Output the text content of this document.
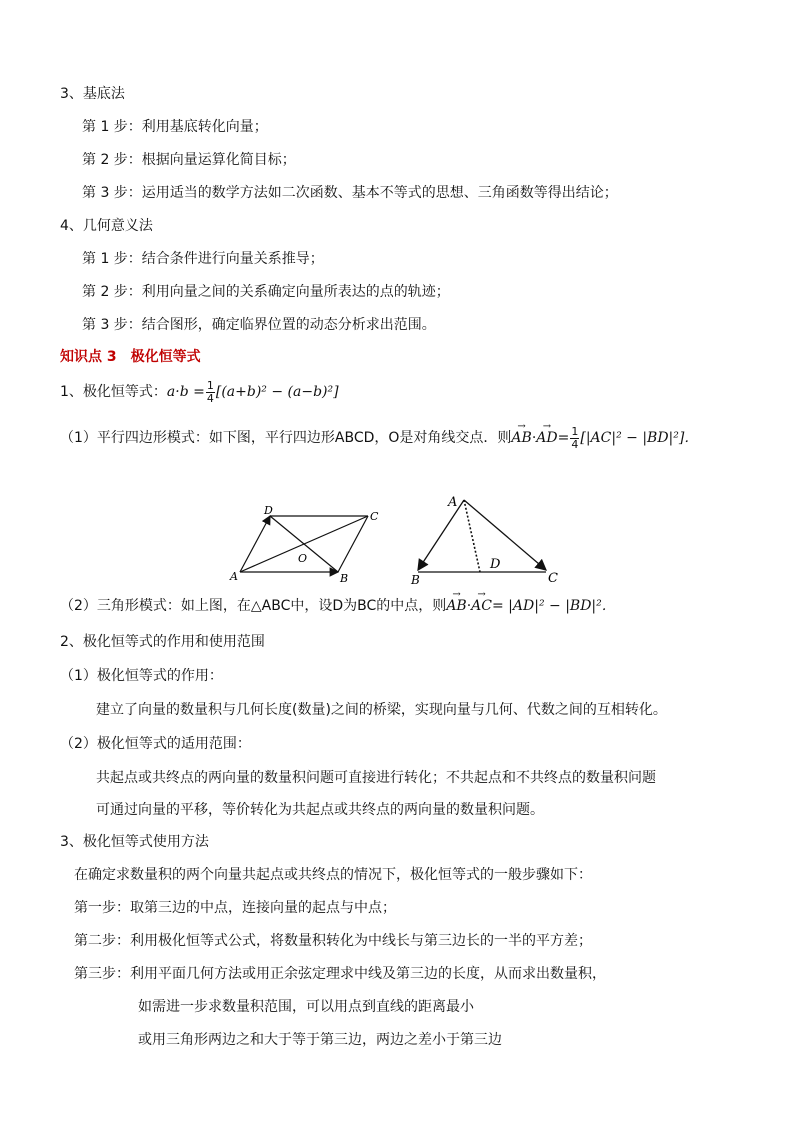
3、基底法
第 1 步：利用基底转化向量；
第 2 步：根据向量运算化简目标；
第 3 步：运用适当的数学方法如二次函数、基本不等式的思想、三角函数等得出结论；
4、几何意义法
第 1 步：结合条件进行向量关系推导；
第 2 步：利用向量之间的关系确定向量所表达的点的轨迹；
第 3 步：结合图形，确定临界位置的动态分析求出范围。
知识点 3　极化恒等式
1、极化恒等式：$a\cdot b = \frac{1}{4} [(a+b)^2 - (a-b)^2]$
（1）平行四边形模式：如下图，平行四边形ABCD，O是对角线交点．则→ $AB\cdot\to AD= \frac{1}{4} [|AC|^2 - |BD|^2]$．
D	C
O
A	B
A
B
D
C
（2）三角形模式：如上图，在△ABC中，设D为BC的中点，则→ AB·→ AC= |AD|² − |BD|²．
2、极化恒等式的作用和使用范围
（1）极化恒等式的作用：
建立了向量的数量积与几何长度(数量)之间的桥梁，实现向量与几何、代数之间的互相转化。
（2）极化恒等式的适用范围：
共起点或共终点的两向量的数量积问题可直接进行转化；不共起点和不共终点的数量积问题
可通过向量的平移，等价转化为共起点或共终点的两向量的数量积问题。
3、极化恒等式使用方法
在确定求数量积的两个向量共起点或共终点的情况下，极化恒等式的一般步骤如下：
第一步：取第三边的中点，连接向量的起点与中点；
第二步：利用极化恒等式公式，将数量积转化为中线长与第三边长的一半的平方差；
第三步：利用平面几何方法或用正余弦定理求中线及第三边的长度，从而求出数量积，
如需进一步求数量积范围，可以用点到直线的距离最小
或用三角形两边之和大于等于第三边，两边之差小于第三边
